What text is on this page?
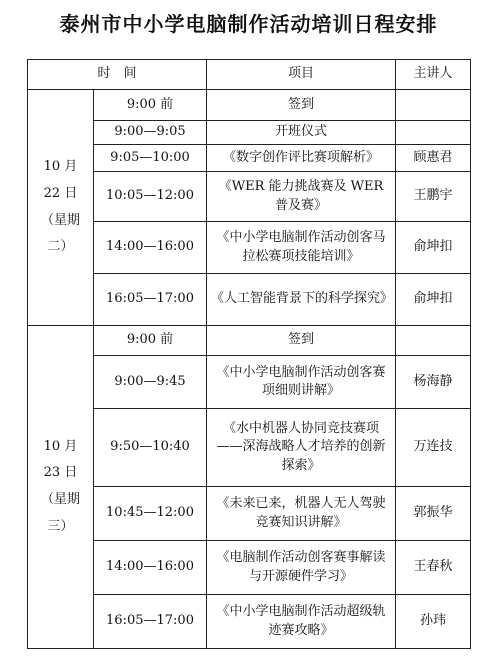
泰州市中小学电脑制作活动培训日程安排
时　间		项目	主讲人
10 月
22 日
（星期
二）	9:00 前	签到	
	9:00—9:05	开班仪式	
	9:05—10:00	《数字创作评比赛项解析》	顾惠君
	10:05—12:00	《WER 能力挑战赛及 WER 普及赛》	王鹏宇
	14:00—16:00	《中小学电脑制作活动创客马拉松赛项技能培训》	俞坤扣
	16:05—17:00	《人工智能背景下的科学探究》	俞坤扣
10 月
23 日
（星期
三）	9:00 前	签到	
	9:00—9:45	《中小学电脑制作活动创客赛项细则讲解》	杨海静
	9:50—10:40	《水中机器人协同竞技赛项——深海战略人才培养的创新探索》	万连技
	10:45—12:00	《未来已来，机器人无人驾驶竞赛知识讲解》	郭振华
	14:00—16:00	《电脑制作活动创客赛事解读与开源硬件学习》	王春秋
	16:05—17:00	《中小学电脑制作活动超级轨迹赛攻略》	孙玮
